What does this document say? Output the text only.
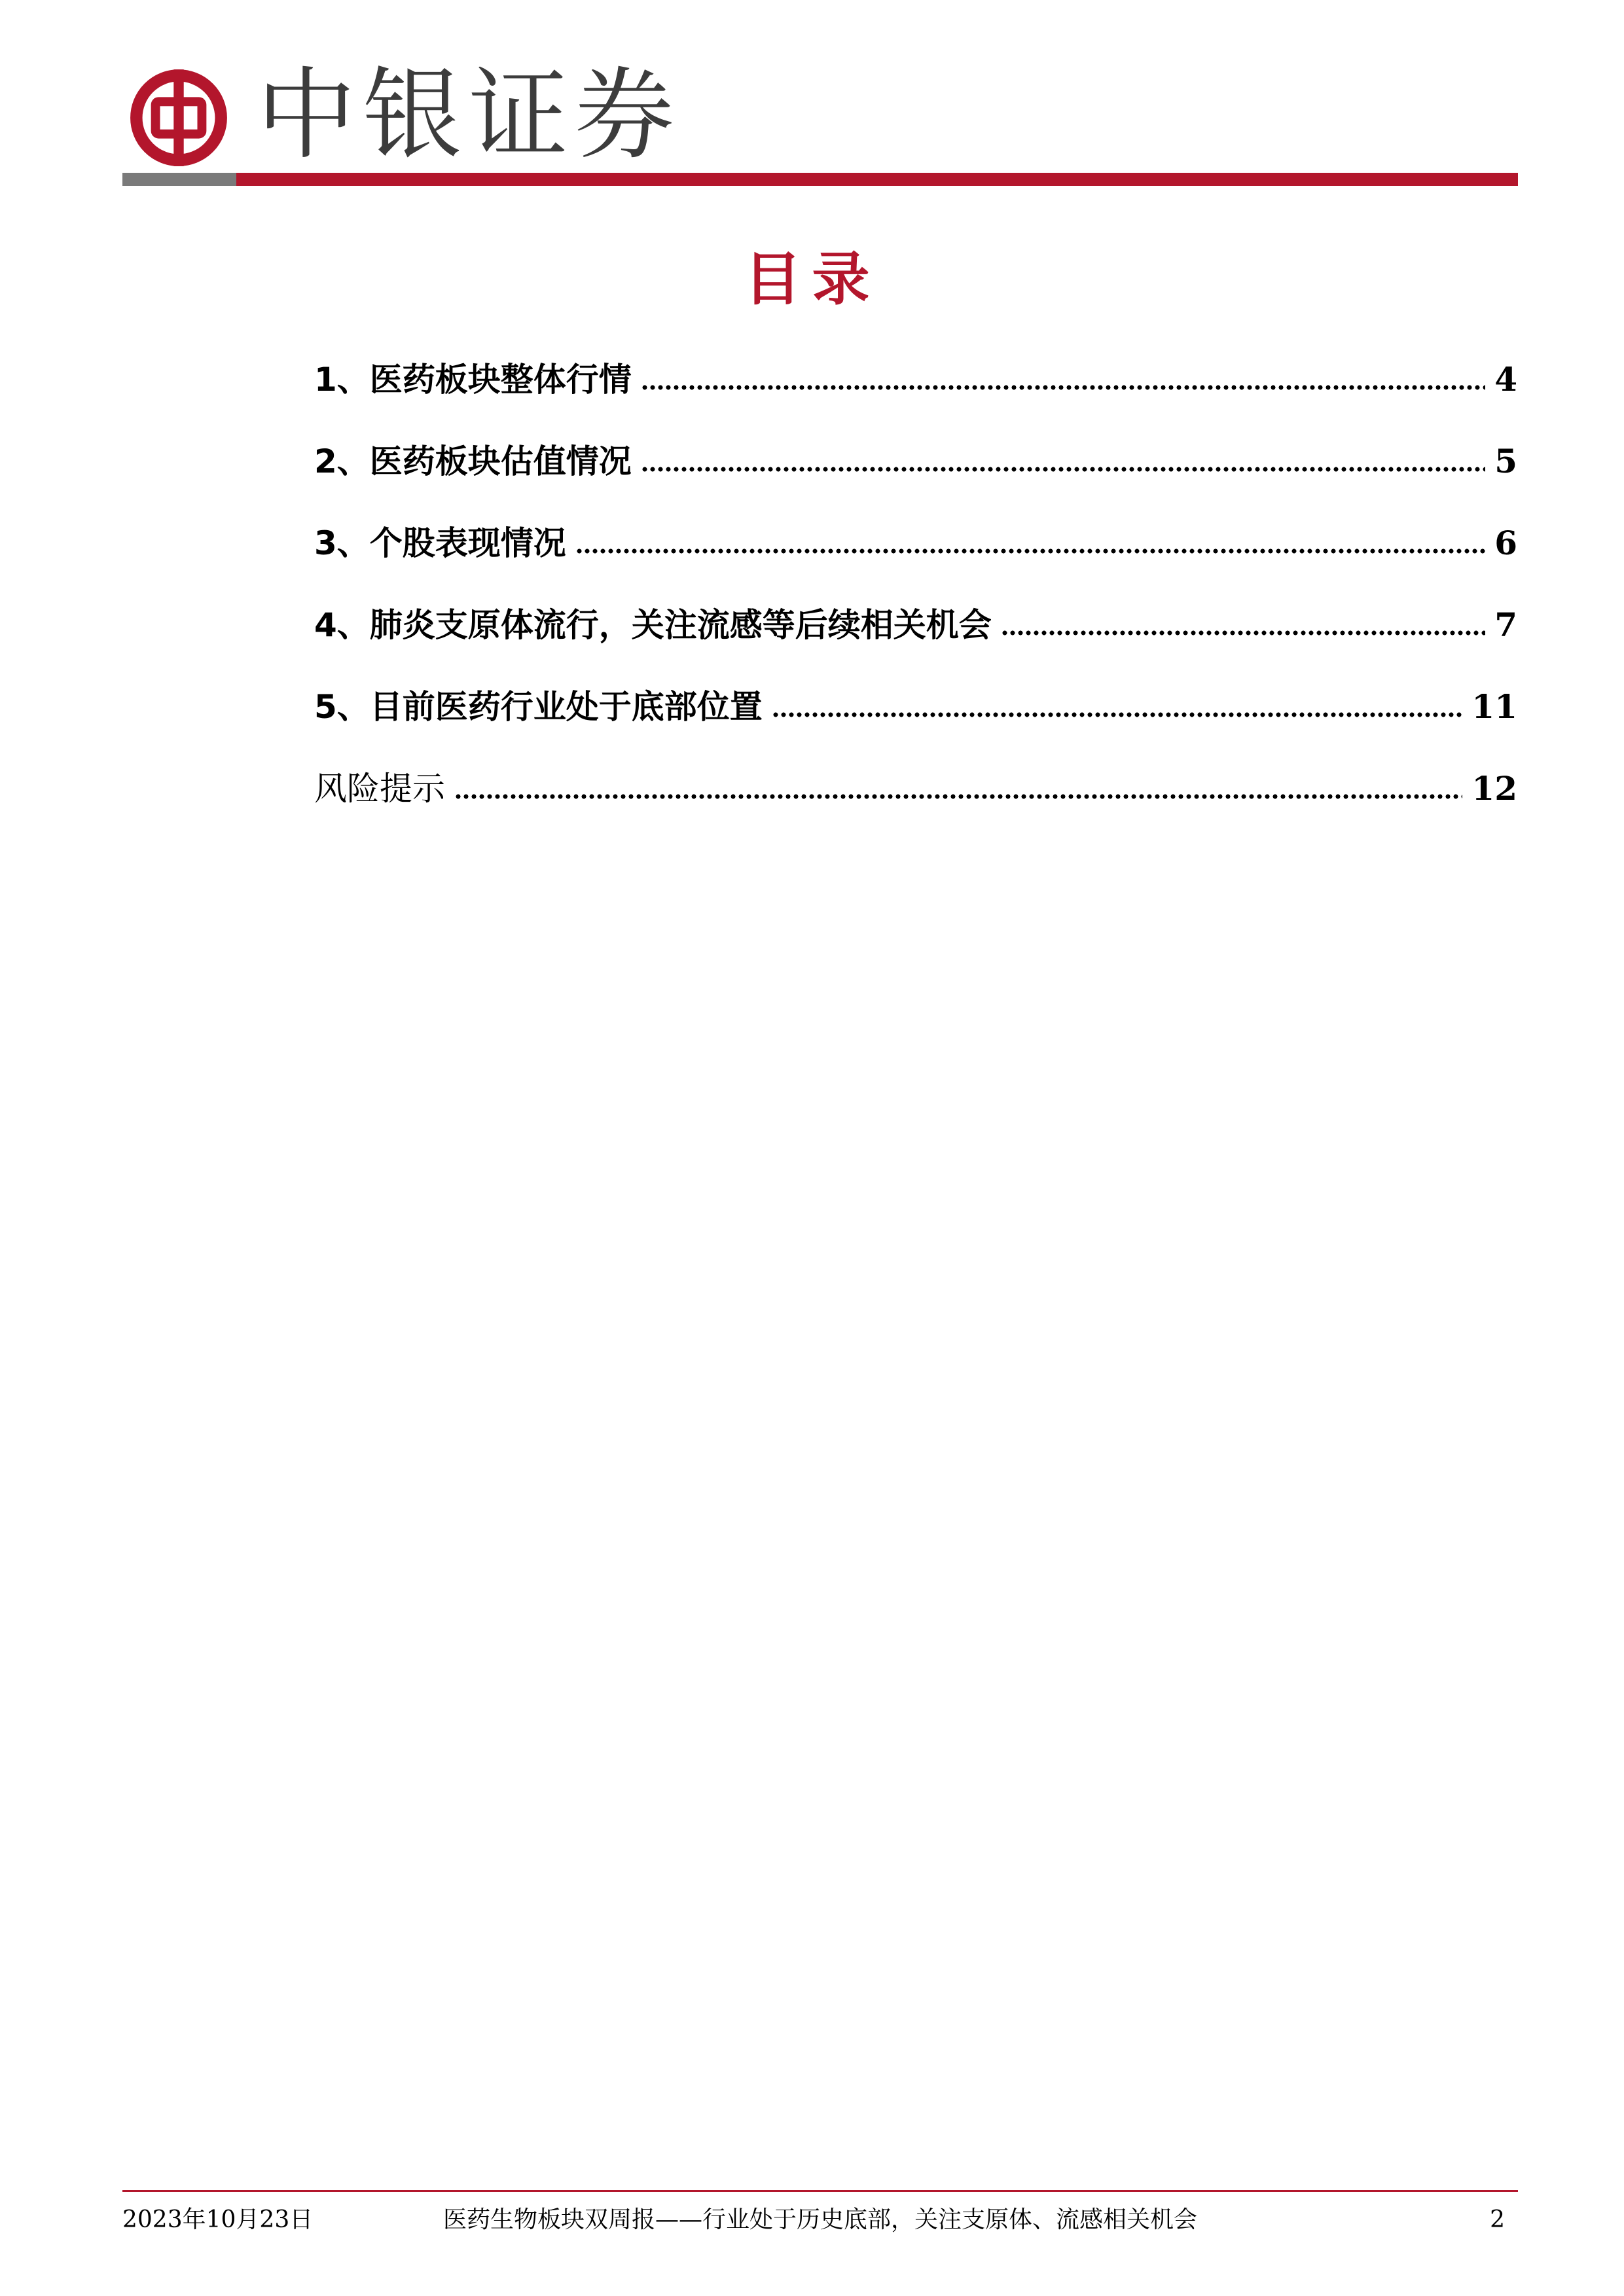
中银证券
目录
1、医药板块整体行情	4
2、医药板块估值情况	5
3、个股表现情况	6
4、肺炎支原体流行，关注流感等后续相关机会	7
5、目前医药行业处于底部位置	11
风险提示	12
2023年10月23日	医药生物板块双周报——行业处于历史底部，关注支原体、流感相关机会	2
